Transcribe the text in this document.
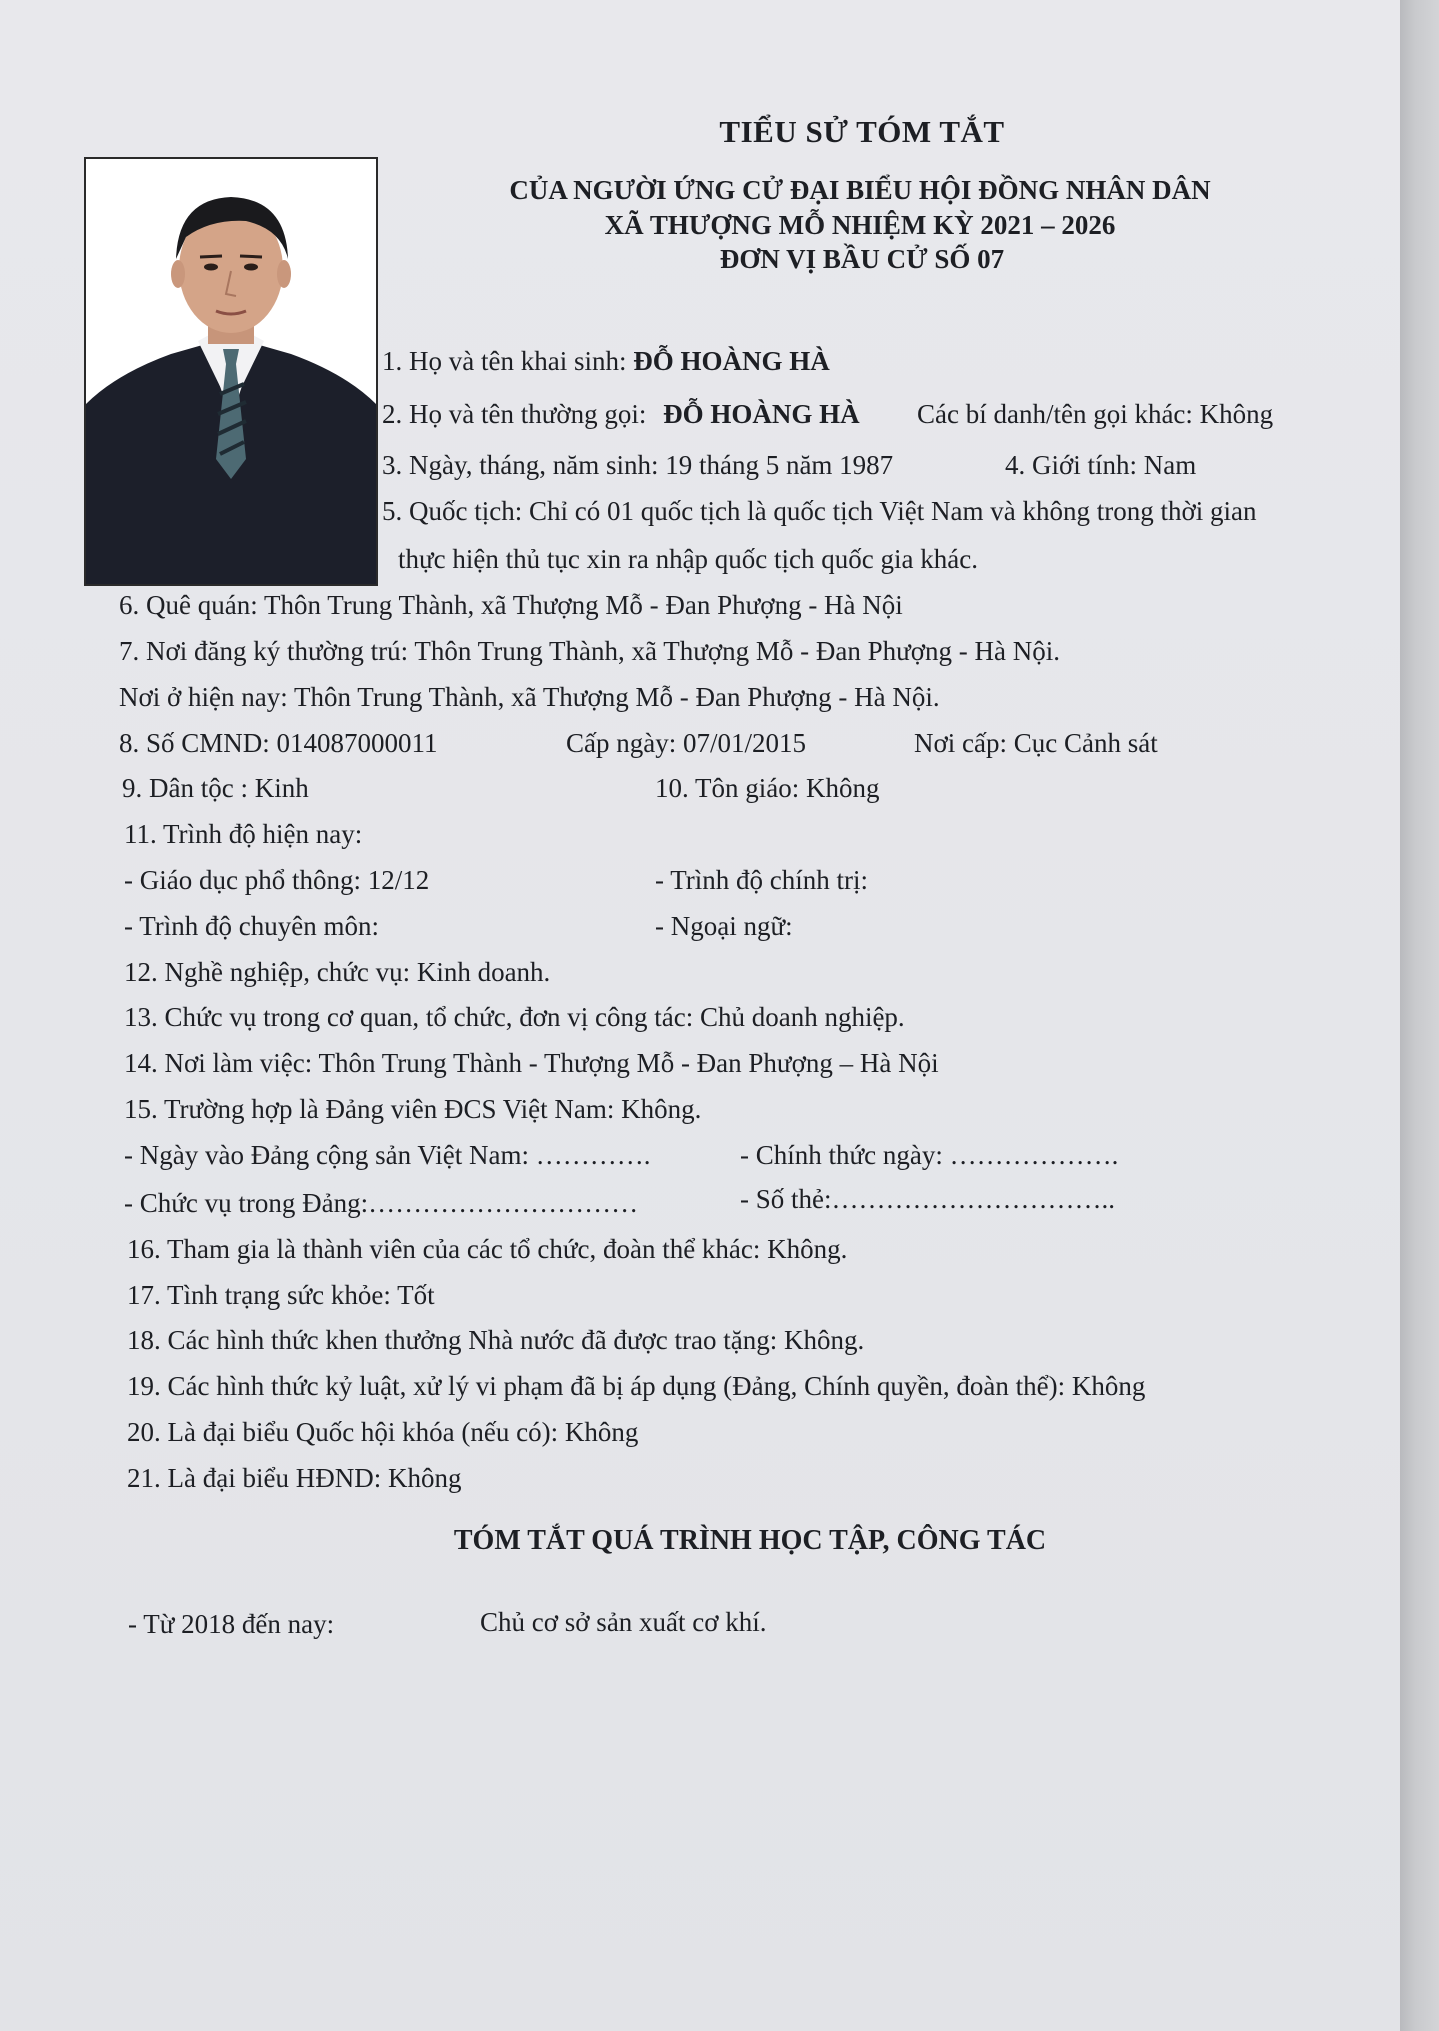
TIỂU SỬ TÓM TẮT
CỦA NGƯỜI ỨNG CỬ ĐẠI BIỂU HỘI ĐỒNG NHÂN DÂN
XÃ THƯỢNG MỖ NHIỆM KỲ 2021 – 2026
ĐƠN VỊ BẦU CỬ SỐ 07
1. Họ và tên khai sinh: ĐỖ HOÀNG HÀ
2. Họ và tên thường gọi: ĐỖ HOÀNG HÀ Các bí danh/tên gọi khác: Không
3. Ngày, tháng, năm sinh: 19 tháng 5 năm 1987	4. Giới tính: Nam
5. Quốc tịch: Chỉ có 01 quốc tịch là quốc tịch Việt Nam và không trong thời gian
thực hiện thủ tục xin ra nhập quốc tịch quốc gia khác.
6. Quê quán: Thôn Trung Thành, xã Thượng Mỗ - Đan Phượng - Hà Nội
7. Nơi đăng ký thường trú: Thôn Trung Thành, xã Thượng Mỗ - Đan Phượng - Hà Nội.
Nơi ở hiện nay: Thôn Trung Thành, xã Thượng Mỗ - Đan Phượng - Hà Nội.
8. Số CMND: 014087000011	Cấp ngày: 07/01/2015	Nơi cấp: Cục Cảnh sát
9. Dân tộc : Kinh	10. Tôn giáo: Không
11. Trình độ hiện nay:
- Giáo dục phổ thông: 12/12	- Trình độ chính trị:
- Trình độ chuyên môn:	- Ngoại ngữ:
12. Nghề nghiệp, chức vụ: Kinh doanh.
13. Chức vụ trong cơ quan, tổ chức, đơn vị công tác: Chủ doanh nghiệp.
14. Nơi làm việc: Thôn Trung Thành - Thượng Mỗ - Đan Phượng – Hà Nội
15. Trường hợp là Đảng viên ĐCS Việt Nam: Không.
- Ngày vào Đảng cộng sản Việt Nam: ………….	- Chính thức ngày: ……………….
- Chức vụ trong Đảng:…………………………	- Số thẻ:…………………………..
16. Tham gia là thành viên của các tổ chức, đoàn thể khác: Không.
17. Tình trạng sức khỏe: Tốt
18. Các hình thức khen thưởng Nhà nước đã được trao tặng: Không.
19. Các hình thức kỷ luật, xử lý vi phạm đã bị áp dụng (Đảng, Chính quyền, đoàn thể): Không
20. Là đại biểu Quốc hội khóa (nếu có): Không
21. Là đại biểu HĐND: Không
TÓM TẮT QUÁ TRÌNH HỌC TẬP, CÔNG TÁC
- Từ 2018 đến nay:	Chủ cơ sở sản xuất cơ khí.
